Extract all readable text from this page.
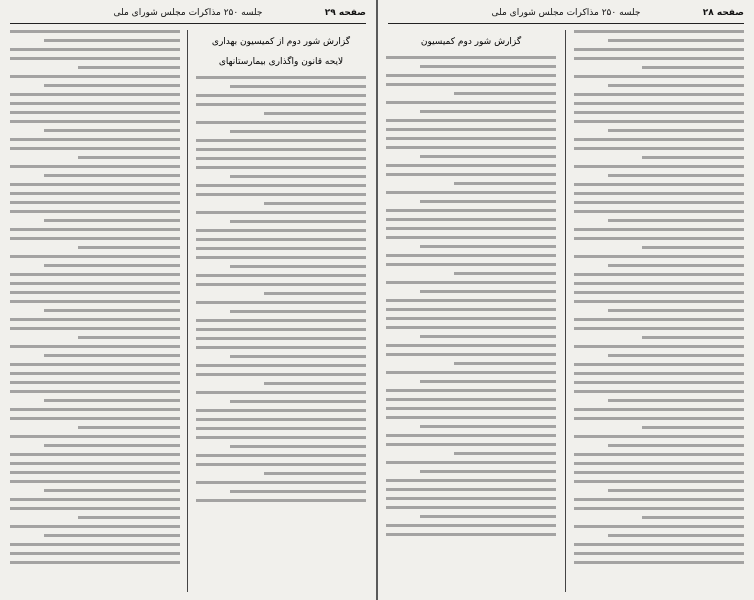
صفحه ۲۹
جلسه ۲۵۰ مذاکرات مجلس شورای ملی
گزارش شور دوم از کمیسیون بهداری
لایحه قانون واگذاری بیمارستانهای
صفحه ۲۸
جلسه ۲۵۰ مذاکرات مجلس شورای ملی
گزارش شور دوم کمیسیون
